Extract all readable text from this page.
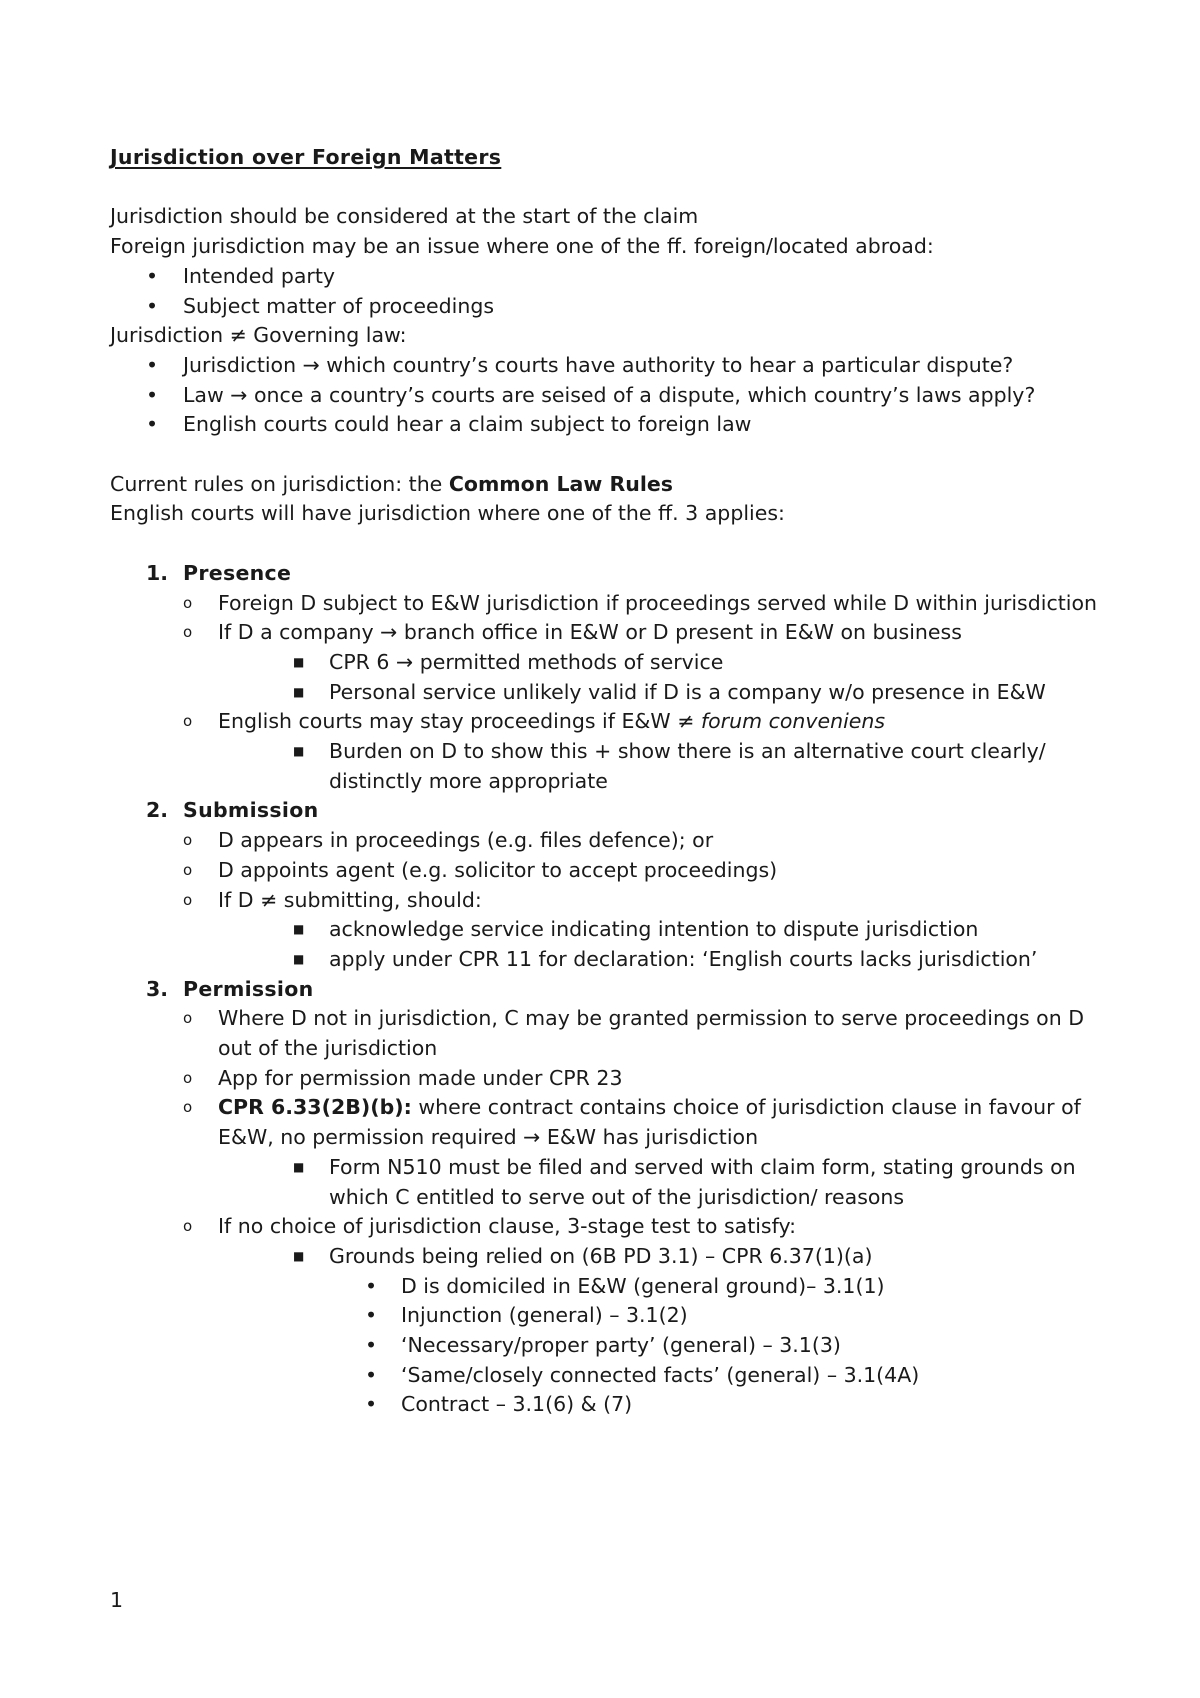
Jurisdiction over Foreign Matters

Jurisdiction should be considered at the start of the claim

Foreign jurisdiction may be an issue where one of the ff. foreign/located abroad:

• Intended party
• Subject matter of proceedings

Jurisdiction ≠ Governing law:

• Jurisdiction → which country’s courts have authority to hear a particular dispute?
• Law → once a country’s courts are seised of a dispute, which country’s laws apply?
• English courts could hear a claim subject to foreign law

Current rules on jurisdiction: the Common Law Rules

English courts will have jurisdiction where one of the ff. 3 applies:

1. Presence
o Foreign D subject to E&W jurisdiction if proceedings served while D within jurisdiction
o If D a company → branch office in E&W or D present in E&W on business
■ CPR 6 → permitted methods of service
■ Personal service unlikely valid if D is a company w/o presence in E&W
o English courts may stay proceedings if E&W ≠ forum conveniens
■ Burden on D to show this + show there is an alternative court clearly/ distinctly more appropriate
2. Submission
o D appears in proceedings (e.g. files defence); or
o D appoints agent (e.g. solicitor to accept proceedings)
o If D ≠ submitting, should:
■ acknowledge service indicating intention to dispute jurisdiction
■ apply under CPR 11 for declaration: ‘English courts lacks jurisdiction’
3. Permission
o Where D not in jurisdiction, C may be granted permission to serve proceedings on D out of the jurisdiction
o App for permission made under CPR 23
o CPR 6.33(2B)(b): where contract contains choice of jurisdiction clause in favour of E&W, no permission required → E&W has jurisdiction
■ Form N510 must be filed and served with claim form, stating grounds on which C entitled to serve out of the jurisdiction/ reasons
o If no choice of jurisdiction clause, 3-stage test to satisfy:
■ Grounds being relied on (6B PD 3.1) – CPR 6.37(1)(a)
• D is domiciled in E&W (general ground)– 3.1(1)
• Injunction (general) – 3.1(2)
• ‘Necessary/proper party’ (general) – 3.1(3)
• ‘Same/closely connected facts’ (general) – 3.1(4A)
• Contract – 3.1(6) & (7)
1
